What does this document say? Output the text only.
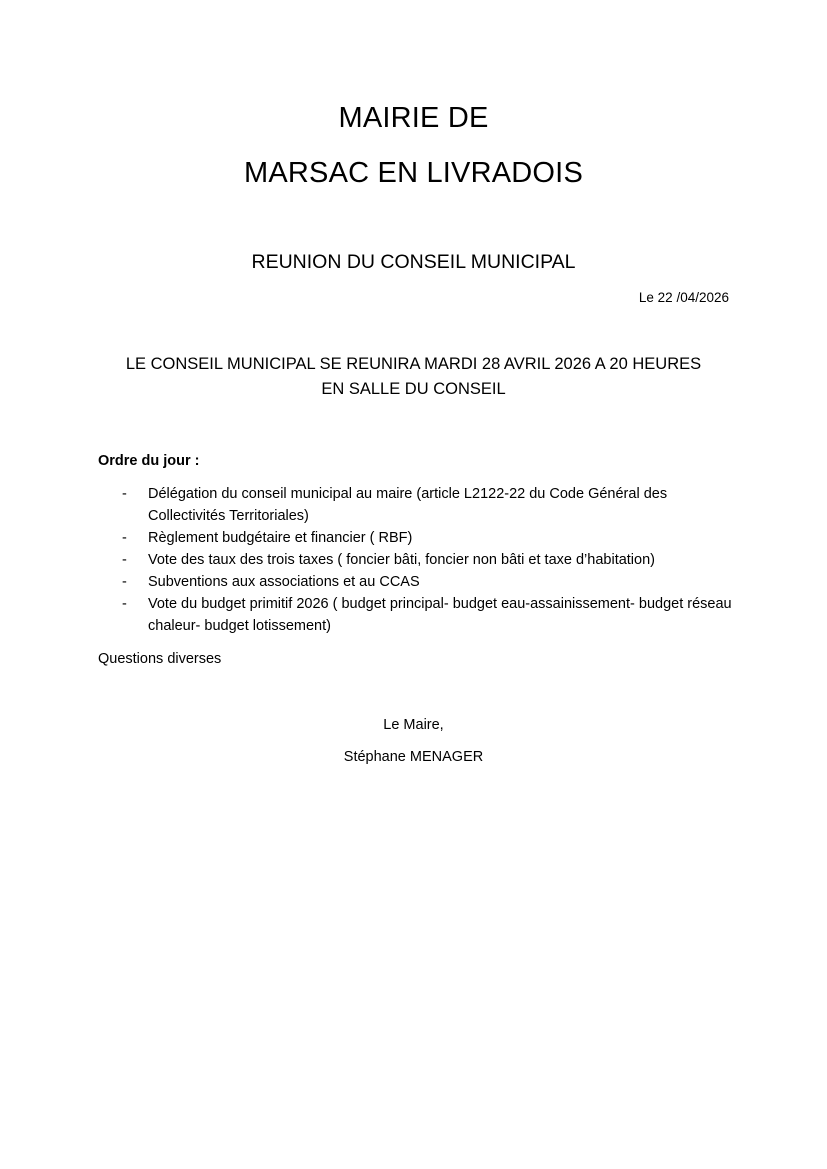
MAIRIE DE
MARSAC EN LIVRADOIS
REUNION DU CONSEIL MUNICIPAL
Le 22 /04/2026
LE CONSEIL MUNICIPAL SE REUNIRA MARDI 28 AVRIL 2026 A 20 HEURES
EN SALLE DU CONSEIL
Ordre du jour :
- Délégation du conseil municipal au maire (article L2122-22 du Code Général des Collectivités Territoriales)
- Règlement budgétaire et financier ( RBF)
- Vote des taux des trois taxes ( foncier bâti, foncier non bâti et taxe d’habitation)
- Subventions aux associations et au CCAS
- Vote du budget primitif 2026 ( budget principal- budget eau-assainissement- budget réseau chaleur- budget lotissement)
Questions diverses
Le Maire,
Stéphane MENAGER
